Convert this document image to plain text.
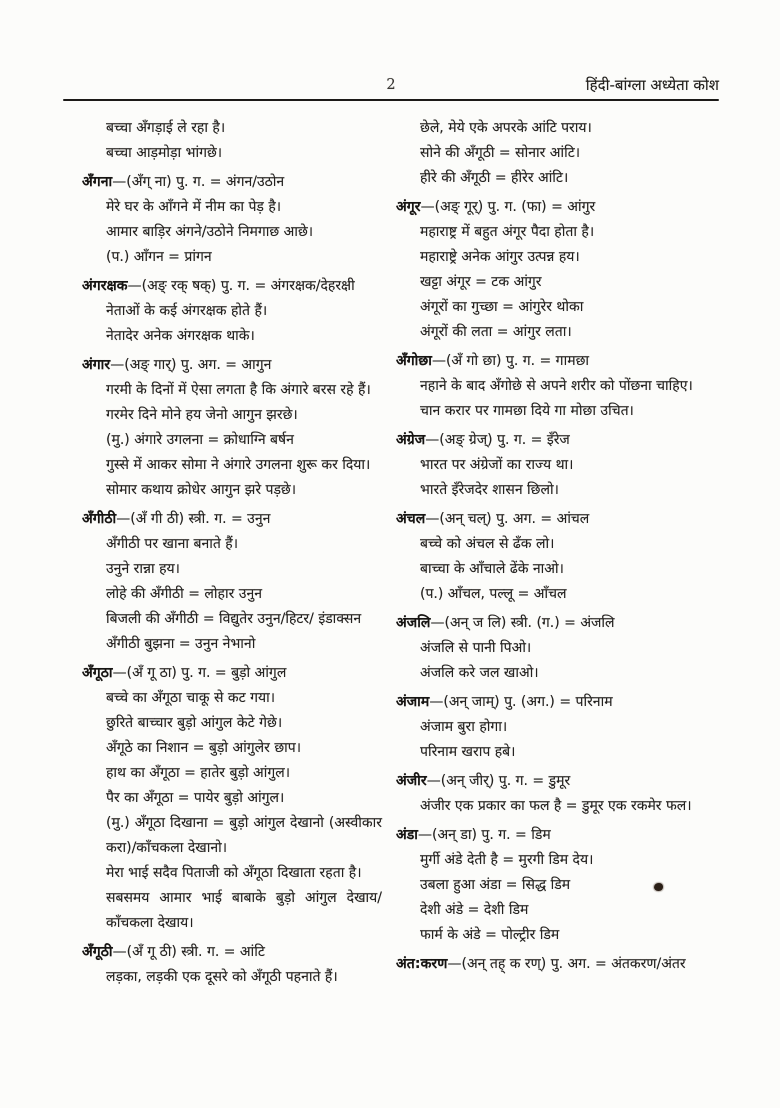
2	हिंदी-बांग्ला अध्येता कोश

बच्चा अँगड़ाई ले रहा है।

बच्चा आड़मोड़ा भांगछे।

अँगना—(अँग् ना) पु. ग. = अंगन/उठोन

मेरे घर के आँगने में नीम का पेड़ है।

आमार बाड़िर अंगने/उठोने निमगाछ आछे।

(प.) आँगन = प्रांगन

अंगरक्षक—(अङ् रक् षक्) पु. ग. = अंगरक्षक/देहरक्षी

नेताओं के कई अंगरक्षक होते हैं।

नेतादेर अनेक अंगरक्षक थाके।

अंगार—(अङ् गार्) पु. अग. = आगुन

गरमी के दिनों में ऐसा लगता है कि अंगारे बरस रहे हैं।

गरमेर दिने मोने हय जेनो आगुन झरछे।

(मु.) अंगारे उगलना = क्रोधाग्नि बर्षन

गुस्से में आकर सोमा ने अंगारे उगलना शुरू कर दिया।

सोमार कथाय क्रोधेर आगुन झरे पड़छे।

अँगीठी—(अँ गी ठी) स्त्री. ग. = उनुन

अँगीठी पर खाना बनाते हैं।

उनुने रान्ना हय।

लोहे की अँगीठी = लोहार उनुन

बिजली की अँगीठी = विद्युतेर उनुन/हिटर/ इंडाक्सन

अँगीठी बुझना = उनुन नेभानो

अँगूठा—(अँ गू ठा) पु. ग. = बुड़ो आंगुल

बच्चे का अँगूठा चाकू से कट गया।

छुरिते बाच्चार बुड़ो आंगुल केटे गेछे।

अँगूठे का निशान = बुड़ो आंगुलेर छाप।

हाथ का अँगूठा = हातेर बुड़ो आंगुल।

पैर का अँगूठा = पायेर बुड़ो आंगुल।

(मु.) अँगूठा दिखाना = बुड़ो आंगुल देखानो (अस्वीकार करा)/काँचकला देखानो।

मेरा भाई सदैव पिताजी को अँगूठा दिखाता रहता है।

सबसमय आमार भाई बाबाके बुड़ो आंगुल देखाय/काँचकला देखाय।

अँगूठी—(अँ गू ठी) स्त्री. ग. = आंटि

लड़का, लड़की एक दूसरे को अँगूठी पहनाते हैं।

छेले, मेये एके अपरके आंटि पराय।

सोने की अँगूठी = सोनार आंटि।

हीरे की अँगूठी = हीरेर आंटि।

अंगूर—(अङ् गूर्) पु. ग. (फा) = आंगुर

महाराष्ट्र में बहुत अंगूर पैदा होता है।

महाराष्ट्रे अनेक आंगुर उत्पन्न हय।

खट्टा अंगूर = टक आंगुर

अंगूरों का गुच्छा = आंगुरेर थोका

अंगूरों की लता = आंगुर लता।

अँगोछा—(अँ गो छा) पु. ग. = गामछा

नहाने के बाद अँगोछे से अपने शरीर को पोंछना चाहिए।

चान करार पर गामछा दिये गा मोछा उचित।

अंग्रेज—(अङ् ग्रेज्) पु. ग. = इँरेज

भारत पर अंग्रेजों का राज्य था।

भारते इँरेजदेर शासन छिलो।

अंचल—(अन् चल्) पु. अग. = आंचल

बच्चे को अंचल से ढँक लो।

बाच्चा के आँचाले ढेंके नाओ।

(प.) आँचल, पल्लू = आँचल

अंजलि—(अन् ज लि) स्त्री. (ग.) = अंजलि

अंजलि से पानी पिओ।

अंजलि करे जल खाओ।

अंजाम—(अन् जाम्) पु. (अग.) = परिनाम

अंजाम बुरा होगा।

परिनाम खराप हबे।

अंजीर—(अन् जीर्) पु. ग. = डुमूर

अंजीर एक प्रकार का फल है = डुमूर एक रकमेर फल।

अंडा—(अन् डा) पु. ग. = डिम

मुर्गी अंडे देती है = मुरगी डिम देय।

उबला हुआ अंडा = सिद्ध डिम

देशी अंडे = देशी डिम

फार्म के अंडे = पोल्ट्रीर डिम

अंत:करण—(अन् तह् क रण्) पु. अग. = अंतकरण/अंतर
